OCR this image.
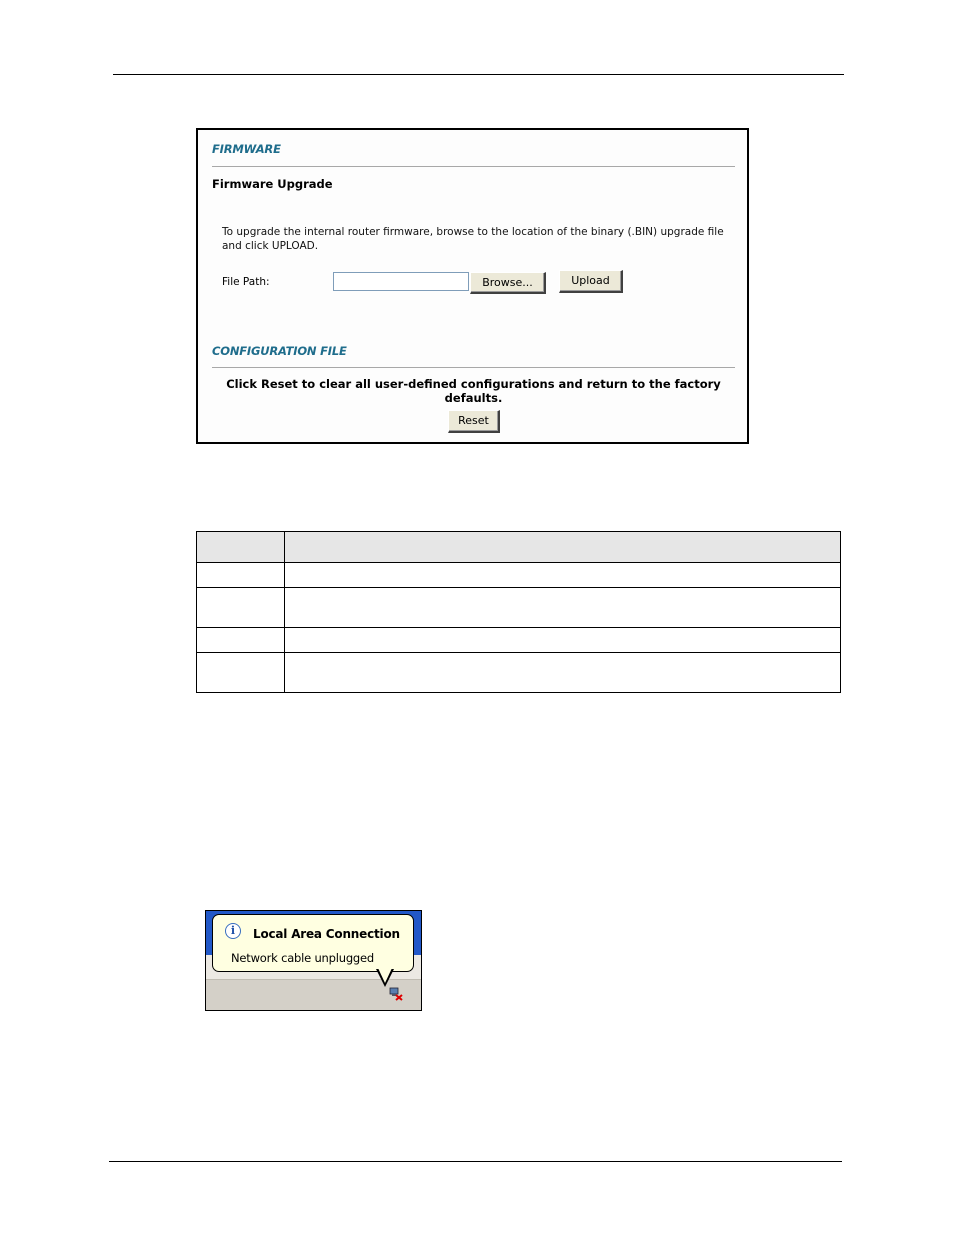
FIRMWARE
Firmware Upgrade
To upgrade the internal router firmware, browse to the location of the binary (.BIN) upgrade file and click UPLOAD.
File Path:	Browse...	Upload
CONFIGURATION FILE
Click Reset to clear all user-defined configurations and return to the factory defaults.
Reset

i	Local Area Connection
Network cable unplugged
